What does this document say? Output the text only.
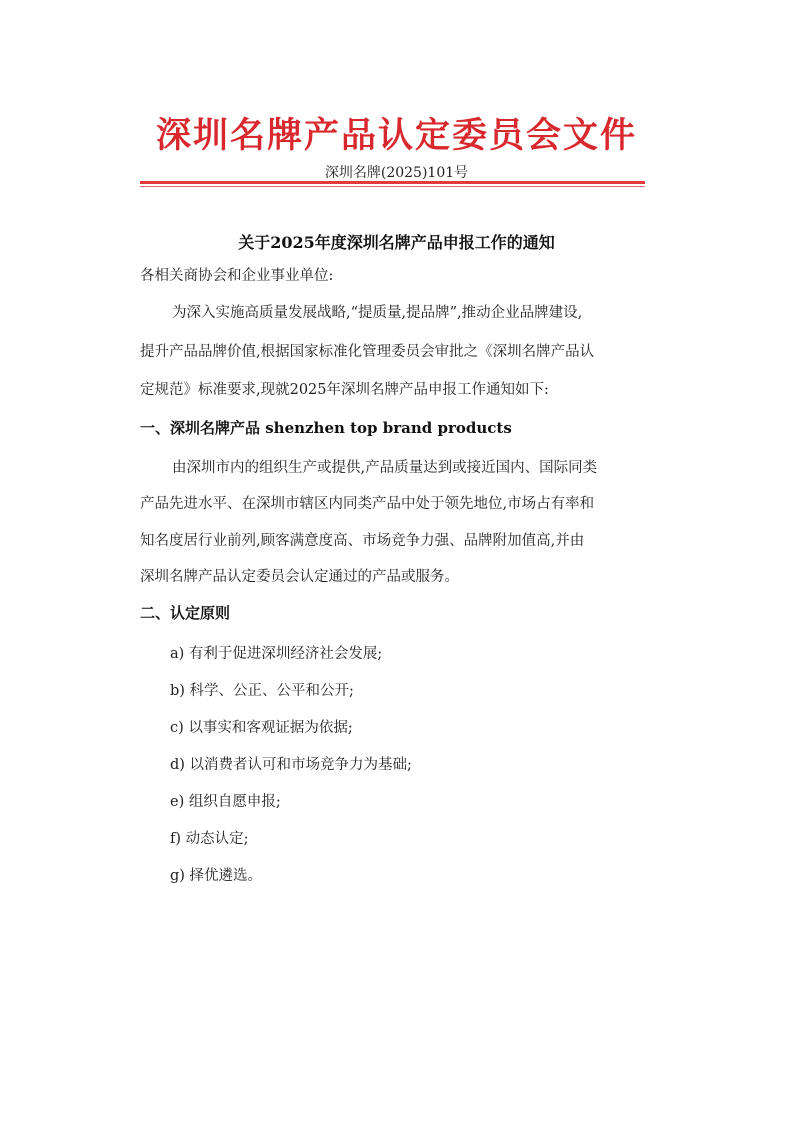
深圳名牌产品认定委员会文件
深圳名牌(2025)101号
关于2025年度深圳名牌产品申报工作的通知
各相关商协会和企业事业单位:
为深入实施高质量发展战略,“提质量,提品牌”,推动企业品牌建设,
提升产品品牌价值,根据国家标准化管理委员会审批之《深圳名牌产品认
定规范》标准要求,现就2025年深圳名牌产品申报工作通知如下:
一、深圳名牌产品 shenzhen top brand products
由深圳市内的组织生产或提供,产品质量达到或接近国内、国际同类
产品先进水平、在深圳市辖区内同类产品中处于领先地位,市场占有率和
知名度居行业前列,顾客满意度高、市场竞争力强、品牌附加值高,并由
深圳名牌产品认定委员会认定通过的产品或服务。
二、认定原则
a) 有利于促进深圳经济社会发展;
b) 科学、公正、公平和公开;
c) 以事实和客观证据为依据;
d) 以消费者认可和市场竞争力为基础;
e) 组织自愿申报;
f) 动态认定;
g) 择优遴选。
